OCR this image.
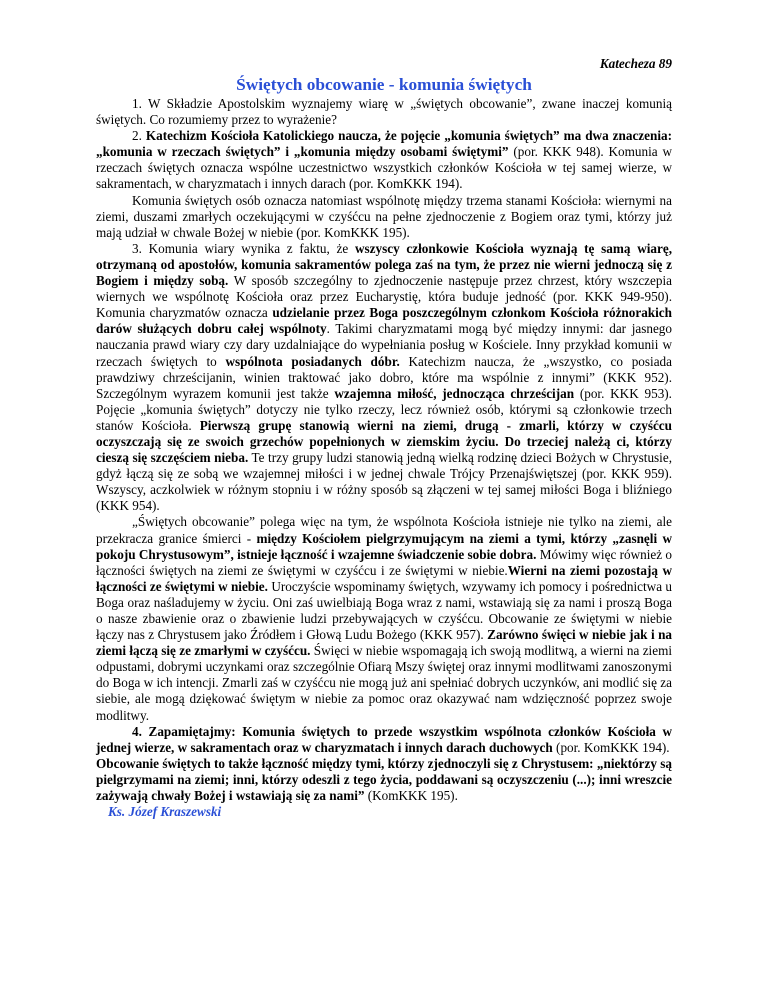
Katecheza 89

Świętych obcowanie - komunia świętych

1. W Składzie Apostolskim wyznajemy wiarę w „świętych obcowanie”, zwane inaczej komunią świętych. Co rozumiemy przez to wyrażenie?

2. Katechizm Kościoła Katolickiego naucza, że pojęcie „komunia świętych” ma dwa znaczenia: „komunia w rzeczach świętych” i „komunia między osobami świętymi” (por. KKK 948). Komunia w rzeczach świętych oznacza wspólne uczestnictwo wszystkich członków Kościoła w tej samej wierze, w sakramentach, w charyzmatach i innych darach (por. KomKKK 194).

Komunia świętych osób oznacza natomiast wspólnotę między trzema stanami Kościoła: wiernymi na ziemi, duszami zmarłych oczekującymi w czyśćcu na pełne zjednoczenie z Bogiem oraz tymi, którzy już mają udział w chwale Bożej w niebie (por. KomKKK 195).

3. Komunia wiary wynika z faktu, że wszyscy członkowie Kościoła wyznają tę samą wiarę, otrzymaną od apostołów, komunia sakramentów polega zaś na tym, że przez nie wierni jednoczą się z Bogiem i między sobą. W sposób szczególny to zjednoczenie następuje przez chrzest, który wszczepia wiernych we wspólnotę Kościoła oraz przez Eucharystię, która buduje jedność (por. KKK 949-950). Komunia charyzmatów oznacza udzielanie przez Boga poszczególnym członkom Kościoła różnorakich darów służących dobru całej wspólnoty. Takimi charyzmatami mogą być między innymi: dar jasnego nauczania prawd wiary czy dary uzdalniające do wypełniania posług w Kościele. Inny przykład komunii w rzeczach świętych to wspólnota posiadanych dóbr. Katechizm naucza, że „wszystko, co posiada prawdziwy chrześcijanin, winien traktować jako dobro, które ma wspólnie z innymi” (KKK 952). Szczególnym wyrazem komunii jest także wzajemna miłość, jednocząca chrześcijan (por. KKK 953). Pojęcie „komunia świętych” dotyczy nie tylko rzeczy, lecz również osób, którymi są członkowie trzech stanów Kościoła. Pierwszą grupę stanowią wierni na ziemi, drugą - zmarli, którzy w czyśćcu oczyszczają się ze swoich grzechów popełnionych w ziemskim życiu. Do trzeciej należą ci, którzy cieszą się szczęściem nieba. Te trzy grupy ludzi stanowią jedną wielką rodzinę dzieci Bożych w Chrystusie, gdyż łączą się ze sobą we wzajemnej miłości i w jednej chwale Trójcy Przenajświętszej (por. KKK 959). Wszyscy, aczkolwiek w różnym stopniu i w różny sposób są złączeni w tej samej miłości Boga i bliźniego (KKK 954).

„Świętych obcowanie” polega więc na tym, że wspólnota Kościoła istnieje nie tylko na ziemi, ale przekracza granice śmierci - między Kościołem pielgrzymującym na ziemi a tymi, którzy „zasnęli w pokoju Chrystusowym”, istnieje łączność i wzajemne świadczenie sobie dobra. Mówimy więc również o łączności świętych na ziemi ze świętymi w czyśćcu i ze świętymi w niebie.Wierni na ziemi pozostają w łączności ze świętymi w niebie. Uroczyście wspominamy świętych, wzywamy ich pomocy i pośrednictwa u Boga oraz naśladujemy w życiu. Oni zaś uwielbiają Boga wraz z nami, wstawiają się za nami i proszą Boga o nasze zbawienie oraz o zbawienie ludzi przebywających w czyśćcu. Obcowanie ze świętymi w niebie łączy nas z Chrystusem jako Źródłem i Głową Ludu Bożego (KKK 957). Zarówno święci w niebie jak i na ziemi łączą się ze zmarłymi w czyśćcu. Święci w niebie wspomagają ich swoją modlitwą, a wierni na ziemi odpustami, dobrymi uczynkami oraz szczególnie Ofiarą Mszy świętej oraz innymi modlitwami zanoszonymi do Boga w ich intencji. Zmarli zaś w czyśćcu nie mogą już ani spełniać dobrych uczynków, ani modlić się za siebie, ale mogą dziękować świętym w niebie za pomoc oraz okazywać nam wdzięczność poprzez swoje modlitwy.

4. Zapamiętajmy: Komunia świętych to przede wszystkim wspólnota członków Kościoła w jednej wierze, w sakramentach oraz w charyzmatach i innych darach duchowych (por. KomKKK 194).

Obcowanie świętych to także łączność między tymi, którzy zjednoczyli się z Chrystusem: „niektórzy są pielgrzymami na ziemi; inni, którzy odeszli z tego życia, poddawani są oczyszczeniu (...); inni wreszcie zażywają chwały Bożej i wstawiają się za nami” (KomKKK 195).

Ks. Józef Kraszewski
